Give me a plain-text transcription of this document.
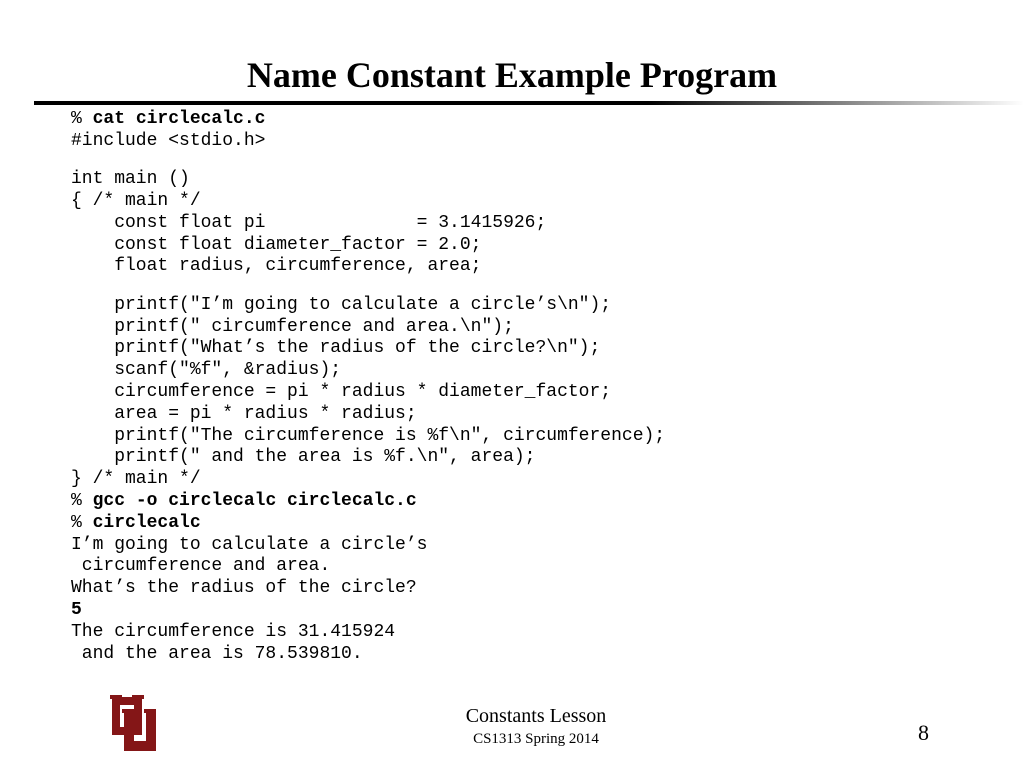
Name Constant Example Program
% cat circlecalc.c
#include <stdio.h>
int main ()
{ /* main */
const float pi              = 3.1415926;
const float diameter_factor = 2.0;
float radius, circumference, area;
printf("I’m going to calculate a circle’s\n");
printf(" circumference and area.\n");
printf("What’s the radius of the circle?\n");
scanf("%f", &radius);
circumference = pi * radius * diameter_factor;
area = pi * radius * radius;
printf("The circumference is %f\n", circumference);
printf(" and the area is %f.\n", area);
} /* main */
% gcc -o circlecalc circlecalc.c
% circlecalc
I’m going to calculate a circle’s
circumference and area.
What’s the radius of the circle?
5
The circumference is 31.415924
and the area is 78.539810.
Constants Lesson
CS1313 Spring 2014	8
